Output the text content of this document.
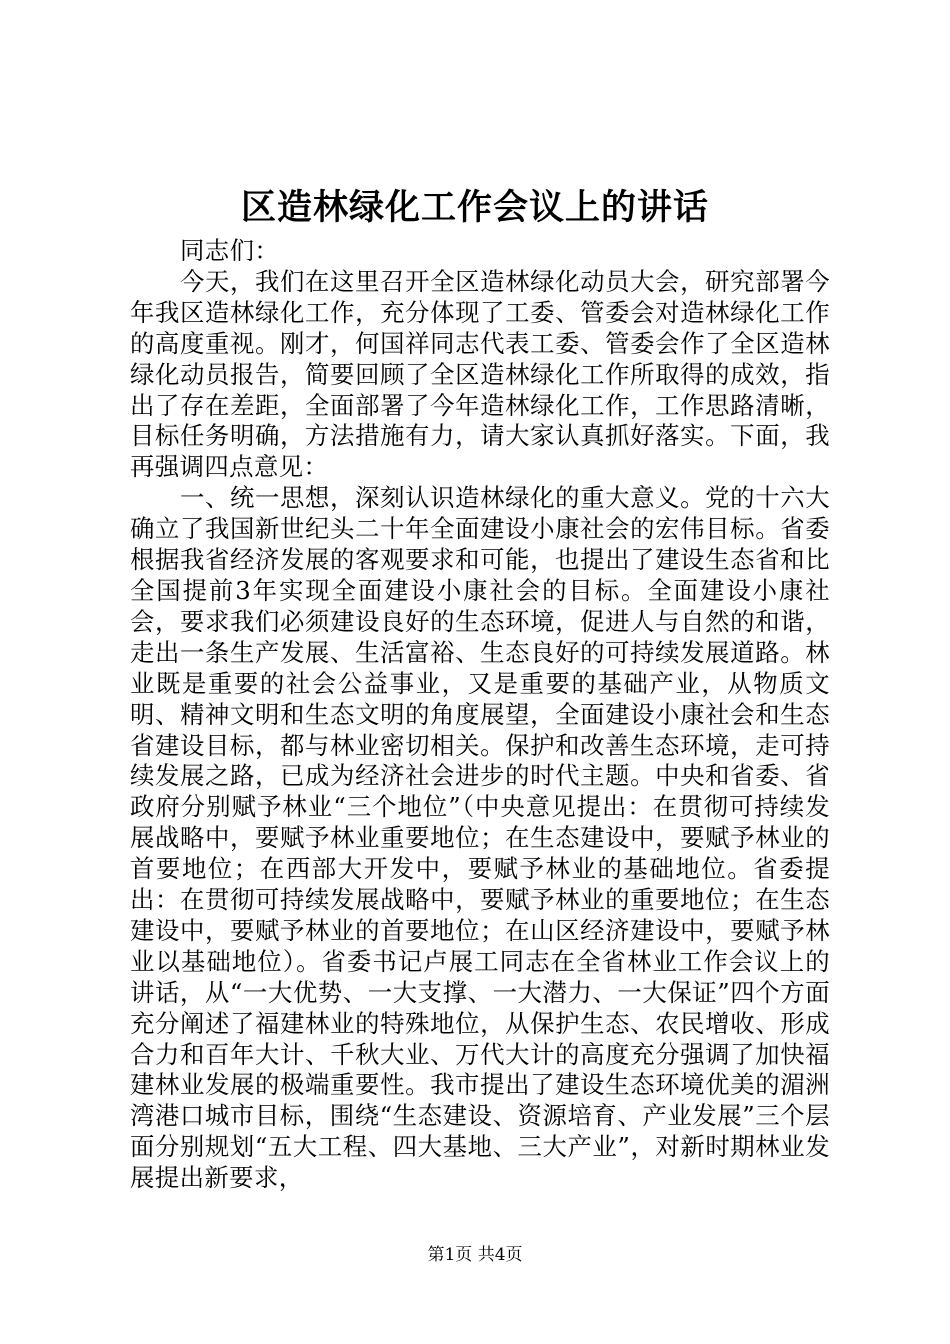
区造林绿化工作会议上的讲话

同志们：

今天，我们在这里召开全区造林绿化动员大会，研究部署今年我区造林绿化工作，充分体现了工委、管委会对造林绿化工作的高度重视。刚才，何国祥同志代表工委、管委会作了全区造林绿化动员报告，简要回顾了全区造林绿化工作所取得的成效，指出了存在差距，全面部署了今年造林绿化工作，工作思路清晰，目标任务明确，方法措施有力，请大家认真抓好落实。下面，我再强调四点意见：

一、统一思想，深刻认识造林绿化的重大意义。党的十六大确立了我国新世纪头二十年全面建设小康社会的宏伟目标。省委根据我省经济发展的客观要求和可能，也提出了建设生态省和比全国提前3年实现全面建设小康社会的目标。全面建设小康社会，要求我们必须建设良好的生态环境，促进人与自然的和谐，走出一条生产发展、生活富裕、生态良好的可持续发展道路。林业既是重要的社会公益事业，又是重要的基础产业，从物质文明、精神文明和生态文明的角度展望，全面建设小康社会和生态省建设目标，都与林业密切相关。保护和改善生态环境，走可持续发展之路，已成为经济社会进步的时代主题。中央和省委、省政府分别赋予林业“三个地位”（中央意见提出：在贯彻可持续发展战略中，要赋予林业重要地位；在生态建设中，要赋予林业的首要地位；在西部大开发中，要赋予林业的基础地位。省委提出：在贯彻可持续发展战略中，要赋予林业的重要地位；在生态建设中，要赋予林业的首要地位；在山区经济建设中，要赋予林业以基础地位）。省委书记卢展工同志在全省林业工作会议上的讲话，从“一大优势、一大支撑、一大潜力、一大保证”四个方面充分阐述了福建林业的特殊地位，从保护生态、农民增收、形成合力和百年大计、千秋大业、万代大计的高度充分强调了加快福建林业发展的极端重要性。我市提出了建设生态环境优美的湄洲湾港口城市目标，围绕“生态建设、资源培育、产业发展”三个层面分别规划“五大工程、四大基地、三大产业”，对新时期林业发展提出新要求，

第1页 共4页
